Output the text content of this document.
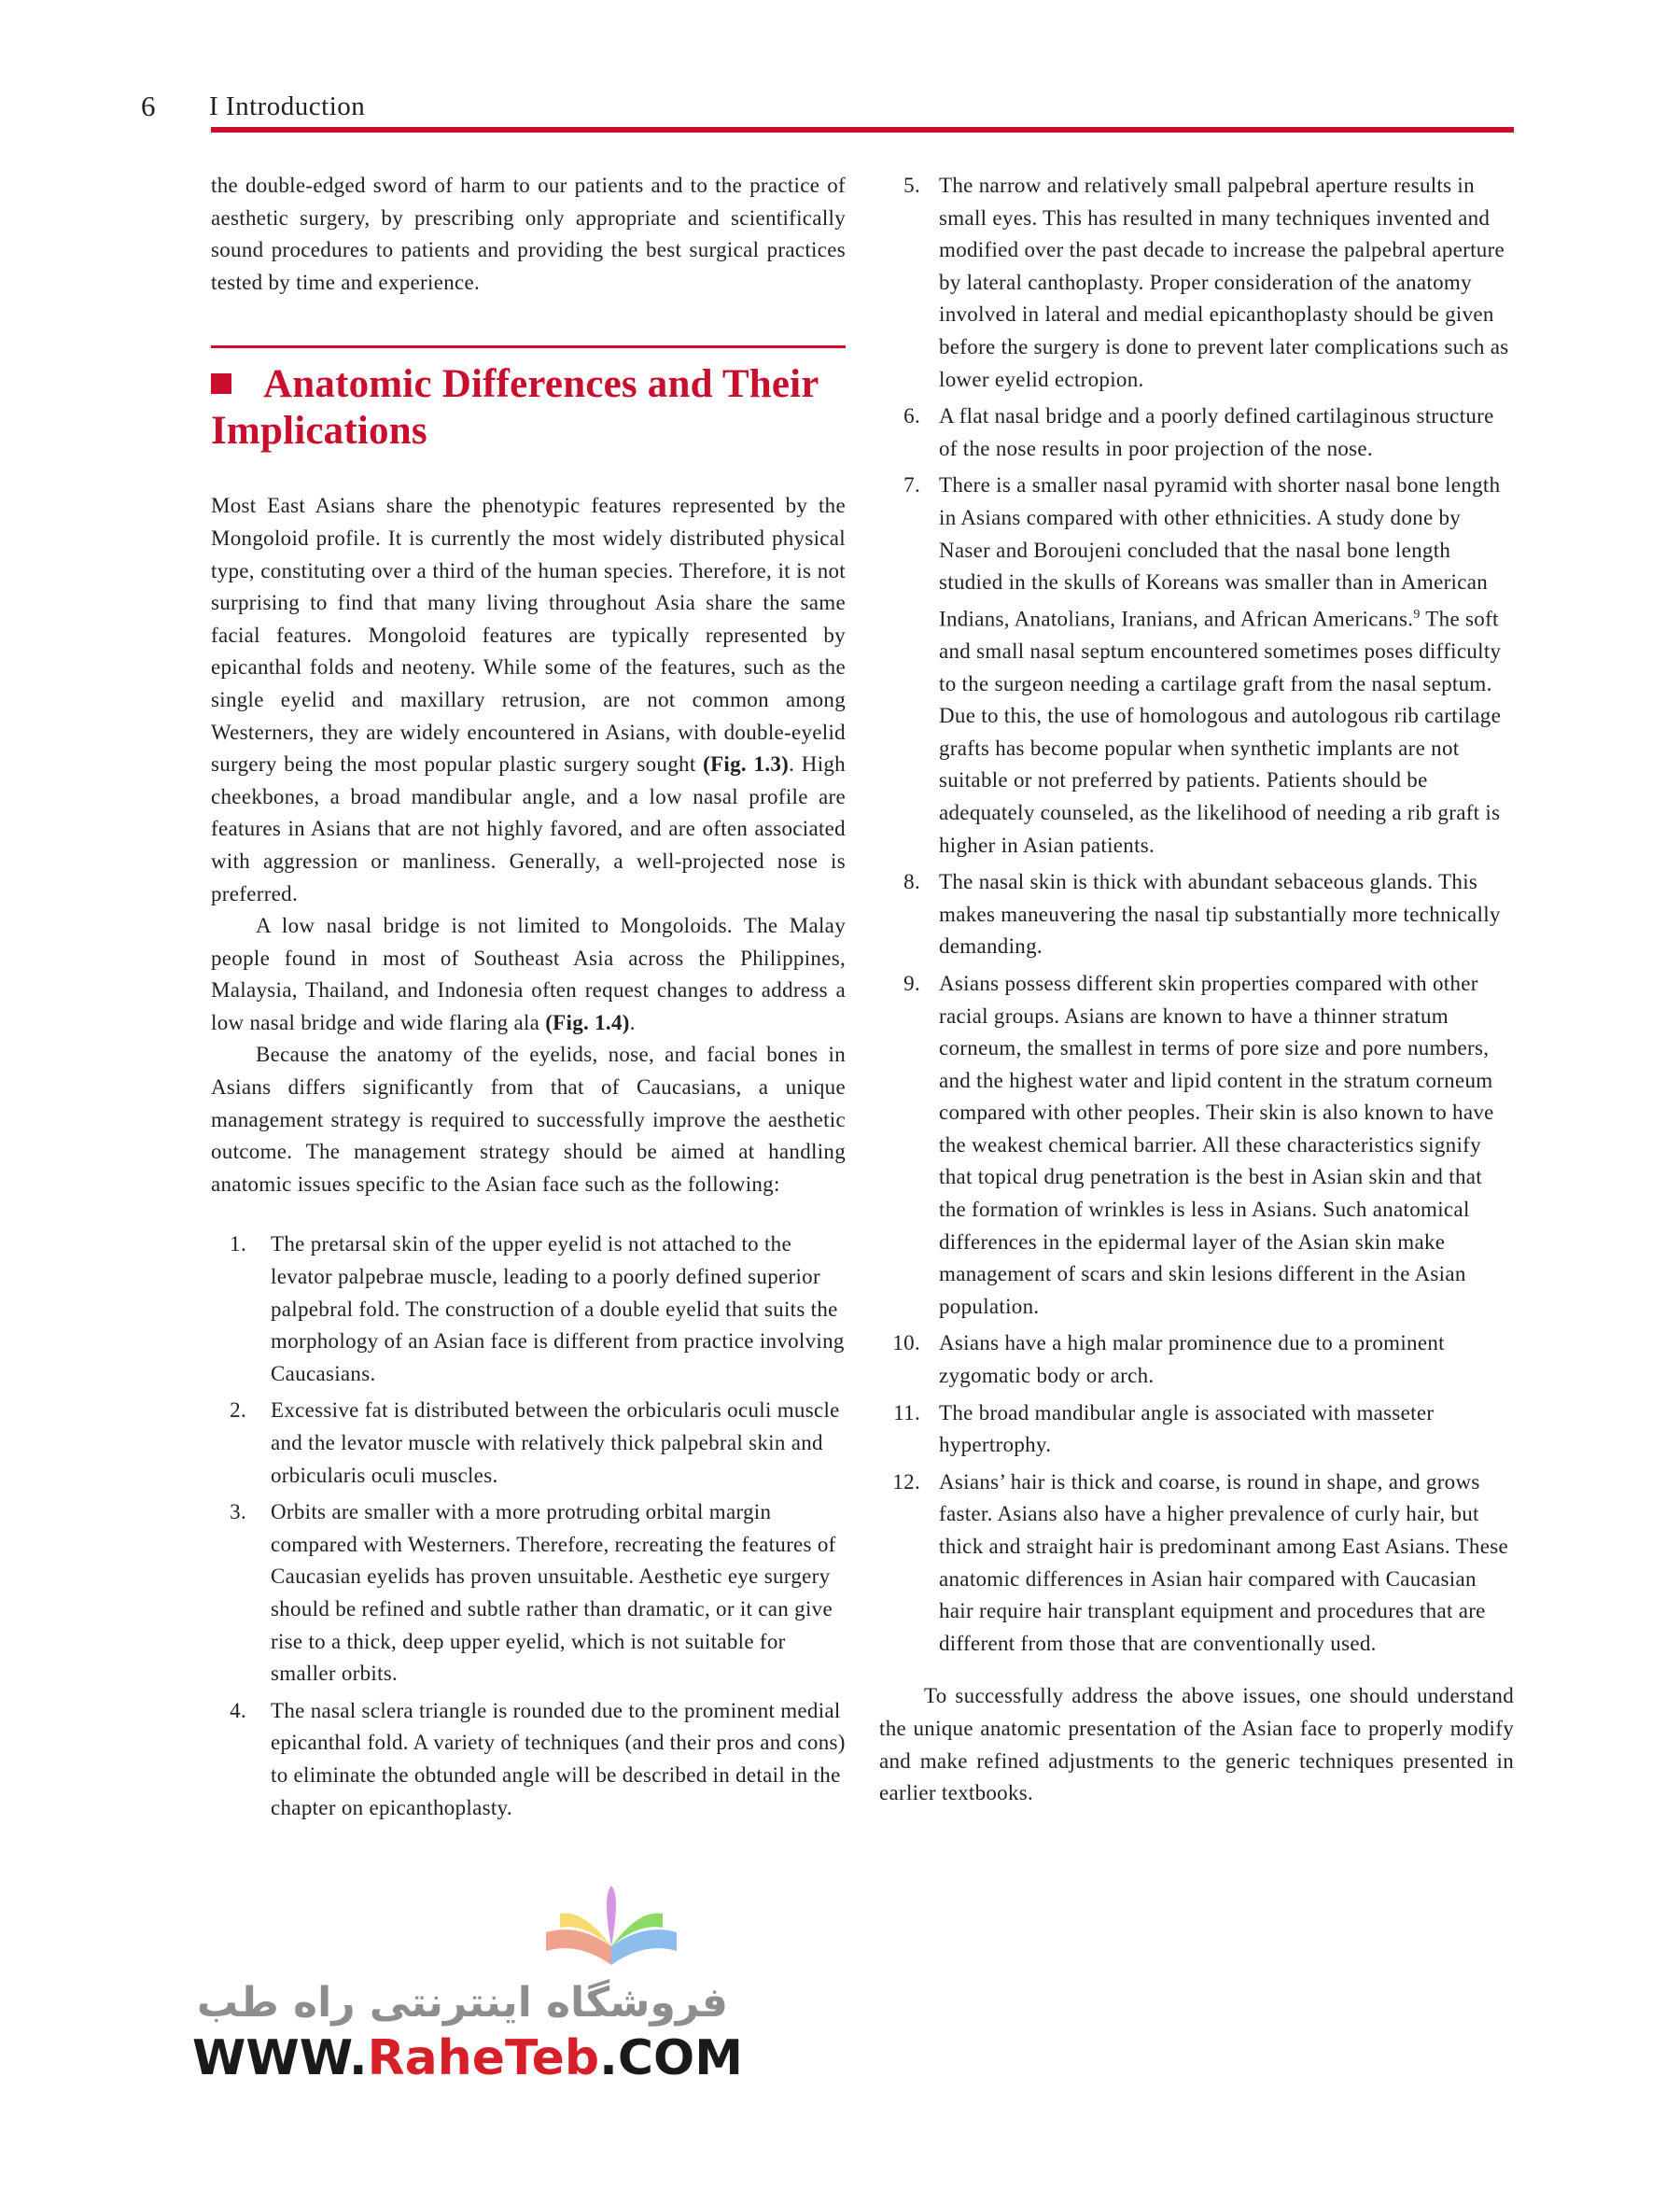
6 I Introduction

the double-edged sword of harm to our patients and to the practice of aesthetic surgery, by prescribing only appropriate and scientifically sound procedures to patients and providing the best surgical practices tested by time and experience.

Anatomic Differences and Their Implications

Most East Asians share the phenotypic features represented by the Mongoloid profile. It is currently the most widely distributed physical type, constituting over a third of the human species. Therefore, it is not surprising to find that many living throughout Asia share the same facial features. Mongoloid features are typically represented by epicanthal folds and neoteny. While some of the features, such as the single eyelid and maxillary retrusion, are not common among Westerners, they are widely encountered in Asians, with double-eyelid surgery being the most popular plastic surgery sought (Fig. 1.3). High cheekbones, a broad mandibular angle, and a low nasal profile are features in Asians that are not highly favored, and are often associated with aggression or manliness. Generally, a well-projected nose is preferred.

A low nasal bridge is not limited to Mongoloids. The Malay people found in most of Southeast Asia across the Philippines, Malaysia, Thailand, and Indonesia often request changes to address a low nasal bridge and wide flaring ala (Fig. 1.4).

Because the anatomy of the eyelids, nose, and facial bones in Asians differs significantly from that of Caucasians, a unique management strategy is required to successfully improve the aesthetic outcome. The management strategy should be aimed at handling anatomic issues specific to the Asian face such as the following:

1. The pretarsal skin of the upper eyelid is not attached to the levator palpebrae muscle, leading to a poorly defined superior palpebral fold. The construction of a double eyelid that suits the morphology of an Asian face is different from practice involving Caucasians.
2. Excessive fat is distributed between the orbicularis oculi muscle and the levator muscle with relatively thick palpebral skin and orbicularis oculi muscles.
3. Orbits are smaller with a more protruding orbital margin compared with Westerners. Therefore, recreating the features of Caucasian eyelids has proven unsuitable. Aesthetic eye surgery should be refined and subtle rather than dramatic, or it can give rise to a thick, deep upper eyelid, which is not suitable for smaller orbits.
4. The nasal sclera triangle is rounded due to the prominent medial epicanthal fold. A variety of techniques (and their pros and cons) to eliminate the obtunded angle will be described in detail in the chapter on epicanthoplasty.
5. The narrow and relatively small palpebral aperture results in small eyes. This has resulted in many techniques invented and modified over the past decade to increase the palpebral aperture by lateral canthoplasty. Proper consideration of the anatomy involved in lateral and medial epicanthoplasty should be given before the surgery is done to prevent later complications such as lower eyelid ectropion.
6. A flat nasal bridge and a poorly defined cartilaginous structure of the nose results in poor projection of the nose.
7. There is a smaller nasal pyramid with shorter nasal bone length in Asians compared with other ethnicities. A study done by Naser and Boroujeni concluded that the nasal bone length studied in the skulls of Koreans was smaller than in American Indians, Anatolians, Iranians, and African Americans.$^9$ The soft and small nasal septum encountered sometimes poses difficulty to the surgeon needing a cartilage graft from the nasal septum. Due to this, the use of homologous and autologous rib cartilage grafts has become popular when synthetic implants are not suitable or not preferred by patients. Patients should be adequately counseled, as the likelihood of needing a rib graft is higher in Asian patients.
8. The nasal skin is thick with abundant sebaceous glands. This makes maneuvering the nasal tip substantially more technically demanding.
9. Asians possess different skin properties compared with other racial groups. Asians are known to have a thinner stratum corneum, the smallest in terms of pore size and pore numbers, and the highest water and lipid content in the stratum corneum compared with other peoples. Their skin is also known to have the weakest chemical barrier. All these characteristics signify that topical drug penetration is the best in Asian skin and that the formation of wrinkles is less in Asians. Such anatomical differences in the epidermal layer of the Asian skin make management of scars and skin lesions different in the Asian population.
10. Asians have a high malar prominence due to a prominent zygomatic body or arch.
11. The broad mandibular angle is associated with masseter hypertrophy.
12. Asians’ hair is thick and coarse, is round in shape, and grows faster. Asians also have a higher prevalence of curly hair, but thick and straight hair is predominant among East Asians. These anatomic differences in Asian hair compared with Caucasian hair require hair transplant equipment and procedures that are different from those that are conventionally used.

To successfully address the above issues, one should understand the unique anatomic presentation of the Asian face to properly modify and make refined adjustments to the generic techniques presented in earlier textbooks.

فروشگاه اینترنتی راه طب
WWW.RaheTeb.COM
